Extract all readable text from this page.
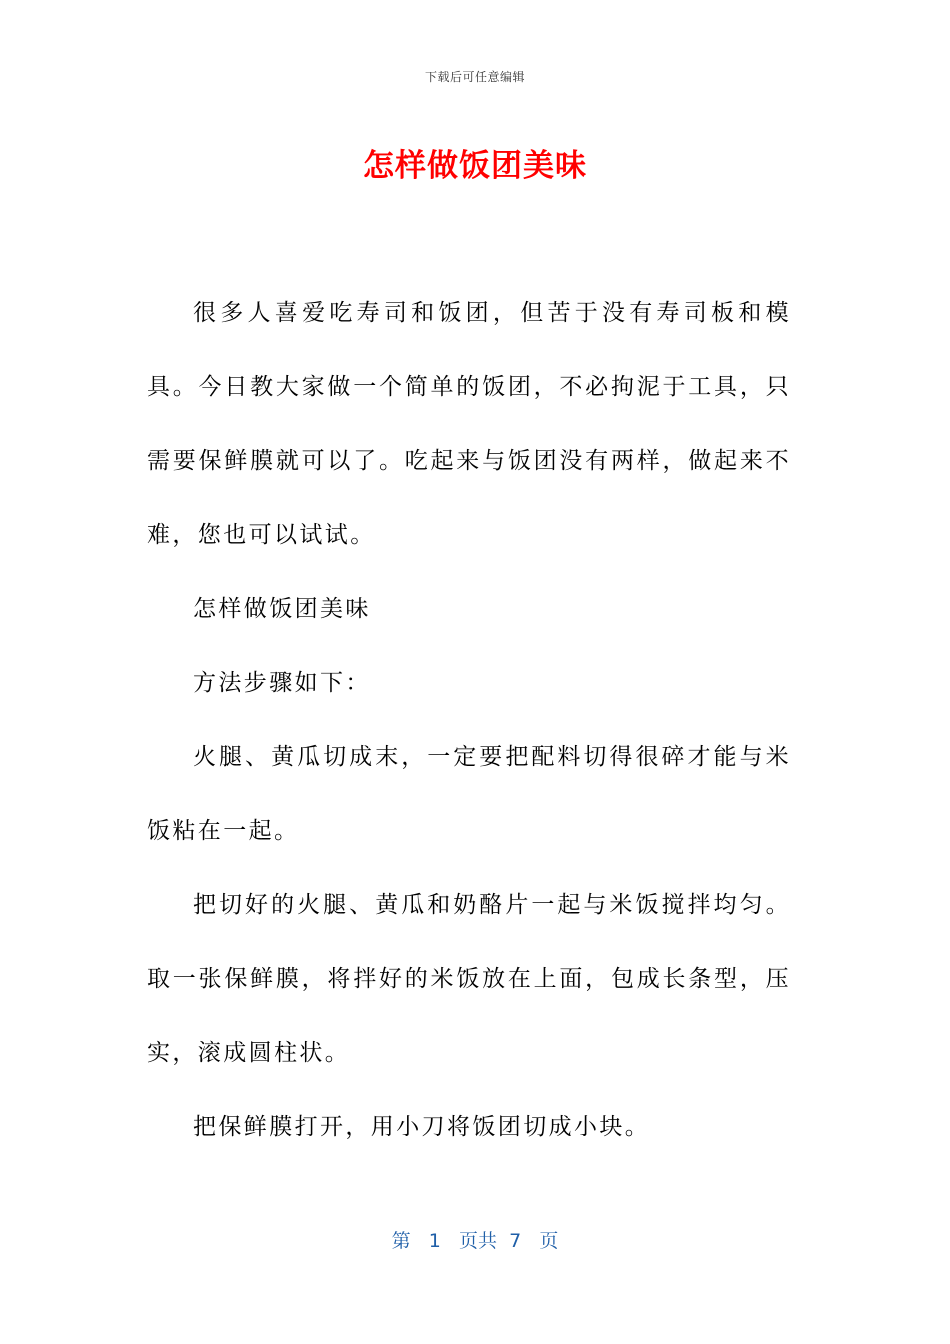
下载后可任意编辑
怎样做饭团美味

很多人喜爱吃寿司和饭团，但苦于没有寿司板和模具。今日教大家做一个简单的饭团，不必拘泥于工具，只需要保鲜膜就可以了。吃起来与饭团没有两样，做起来不难，您也可以试试。

怎样做饭团美味

方法步骤如下：

火腿、黄瓜切成末，一定要把配料切得很碎才能与米饭粘在一起。

把切好的火腿、黄瓜和奶酪片一起与米饭搅拌均匀。取一张保鲜膜，将拌好的米饭放在上面，包成长条型，压实，滚成圆柱状。

把保鲜膜打开，用小刀将饭团切成小块。

第 1 页共 7 页
